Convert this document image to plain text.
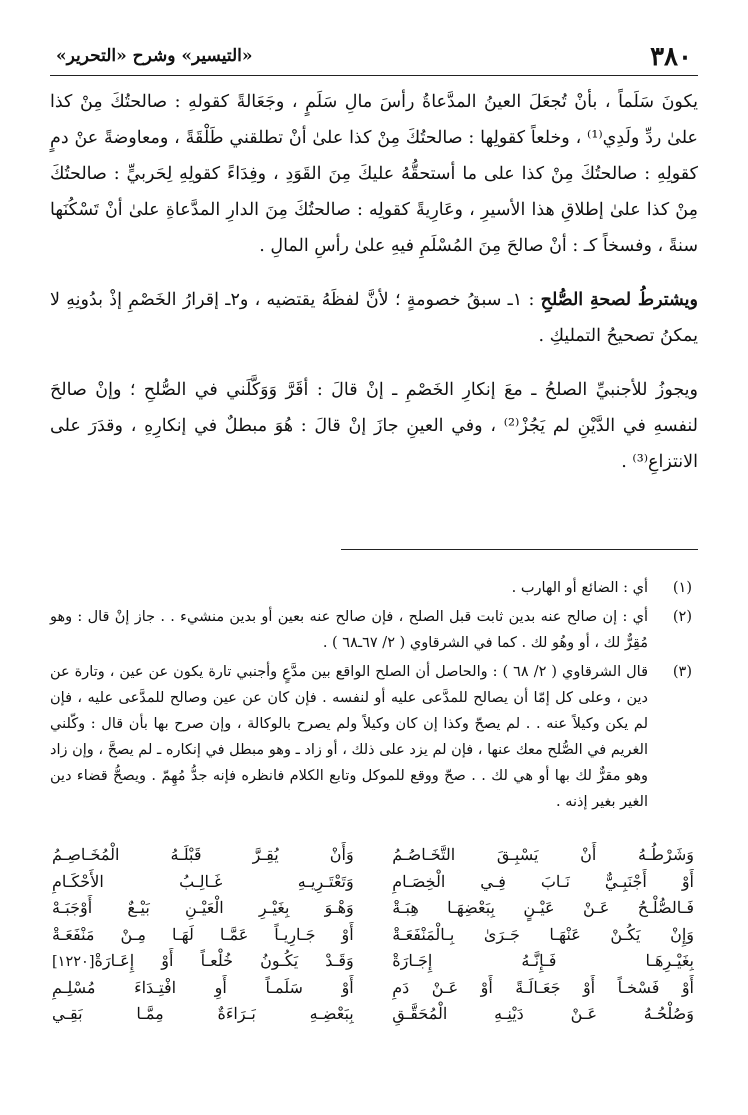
٣٨٠
«التيسير» وشرح «التحرير»

يكونَ سَلَماً ، بأنْ تُجعَلَ العينُ المدَّعاةُ رأسَ مالِ سَلَمٍ ، وجَعَالةً كقولهِ : صالحتُكَ مِنْ كذا علىٰ ردِّ ولَدِي⁽¹⁾ ، وخلعاً كقولِها : صالحتُكَ مِنْ كذا علىٰ أنْ تطلقني طَلْقَةً ، ومعاوضةً عنْ دمٍ كقولِهِ : صالحتُكَ مِنْ كذا على ما أستحقُّهُ عليكَ مِنَ القَوَدِ ، وفِدَاءً كقولِهِ لِحَربيٍّ : صالحتُكَ مِنْ كذا علىٰ إطلاقِ هذا الأسيرِ ، وعَارِيةً كقولِه : صالحتُكَ مِنَ الدارِ المدَّعاةِ علىٰ أنْ تَسْكُنَها سنةً ، وفسخاً كـ : أنْ صالحَ مِنَ المُسْلَمِ فيهِ علىٰ رأسِ المالِ .

ويشترطُ لصحةِ الصُّلحِ : ١ـ سبقُ خصومةٍ ؛ لأنَّ لفظَهُ يقتضيه ، و٢ـ إقرارُ الخَصْمِ إذْ بدُونِهِ لا يمكنُ تصحيحُ التمليكِ .

ويجوزُ للأجنبيِّ الصلحُ ـ معَ إنكارِ الخَصْمِ ـ إنْ قالَ : أقَرَّ وَوَكَّلَني في الصُّلحِ ؛ وإنْ صالحَ لنفسهِ في الدَّيْنِ لم يَجُزْ⁽²⁾ ، وفي العينِ جازَ إنْ قالَ : هُوَ مبطلٌ في إنكارِهِ ، وقدَرَ على الانتزاعِ⁽³⁾ .

(١)
أي : الضائع أو الهارب .
(٢)
أي : إن صالح عنه بدين ثابت قبل الصلح ، فإن صالح عنه بعين أو بدين منشيء . . جاز إنْ قال : وهو مُقِرٌّ لك ، أو وهُو لك . كما في الشرقاوي ( ٢/ ٦٧ـ٦٨ ) .
(٣)
قال الشرقاوي ( ٢/ ٦٨ ) : والحاصل أن الصلح الواقع بين مدَّعٍ وأجنبي تارة يكون عن عين ، وتارة عن دين ، وعلى كل إمّا أن يصالح للمدَّعى عليه أو لنفسه . فإن كان عن عين وصالح للمدَّعى عليه ، فإن لم يكن وكيلاً عنه . . لم يصحّ وكذا إن كان وكيلاً ولم يصرح بالوكالة ، وإن صرح بها بأن قال : وكّلني الغريم في الصُّلح معك عنها ، فإن لم يزد على ذلك ، أو زاد ـ وهو مبطل في إنكاره ـ لم يصحَّ ، وإن زاد وهو مقرٌّ لك بها أو هي لك . . صحّ ووقع للموكل وتابع الكلام فانظره فإنه جدُّ مُهِمّ . ويصحُّ قضاء دين الغير بغير إذنه .
وَشَرْطُـهُ أَنْ يَسْبِـقَ التَّخَـاصُـمُ
وَأَنْ يُقِـرَّ قَبْلَـهُ الْمُخَـاصِـمُ
أَوْ أَجْنَبِـيٌّ نَـابَ فِـي الْخِصَـامِ
وَتَعْتَـرِيـهِ غَـالِـبُ الأَحْكَـامِ
فَـالصُّلْـحُ عَـنْ عَيْـنٍ بِبَعْضِهَـا هِبَـةْ
وَهْـوَ بِغَيْـرِ الْعَيْـنِ بَيْـعٌ أَوْجَبَـهْ
وَإِنْ يَكُـنْ عَنْهَـا جَـرَىٰ بِـالْمَنْفَعَـةْ
أَوْ جَـارِيـاً عَمَّـا لَهَـا مِـنْ مَنْفَعَـةْ
بِغَيْـرِهَـا فَـإِنَّـهُ إِجَـارَةْ
وَقَـدْ يَكُـونُ خُلْعـاً أَوْ إِعَـارَةْ[١٢٢٠]
أَوْ فَسْخـاً أَوْ جَعَـالَـةً أَوْ عَـنْ دَمِ
أَوْ سَلَمـاً أَوِ افْتِـدَاءَ مُسْلِـمِ
وَصُلْحُـهُ عَـنْ دَيْنِـهِ الْمُحَقَّـقِ
بِبَعْضِـهِ بَـرَاءَةٌ مِمَّـا بَقِـي
